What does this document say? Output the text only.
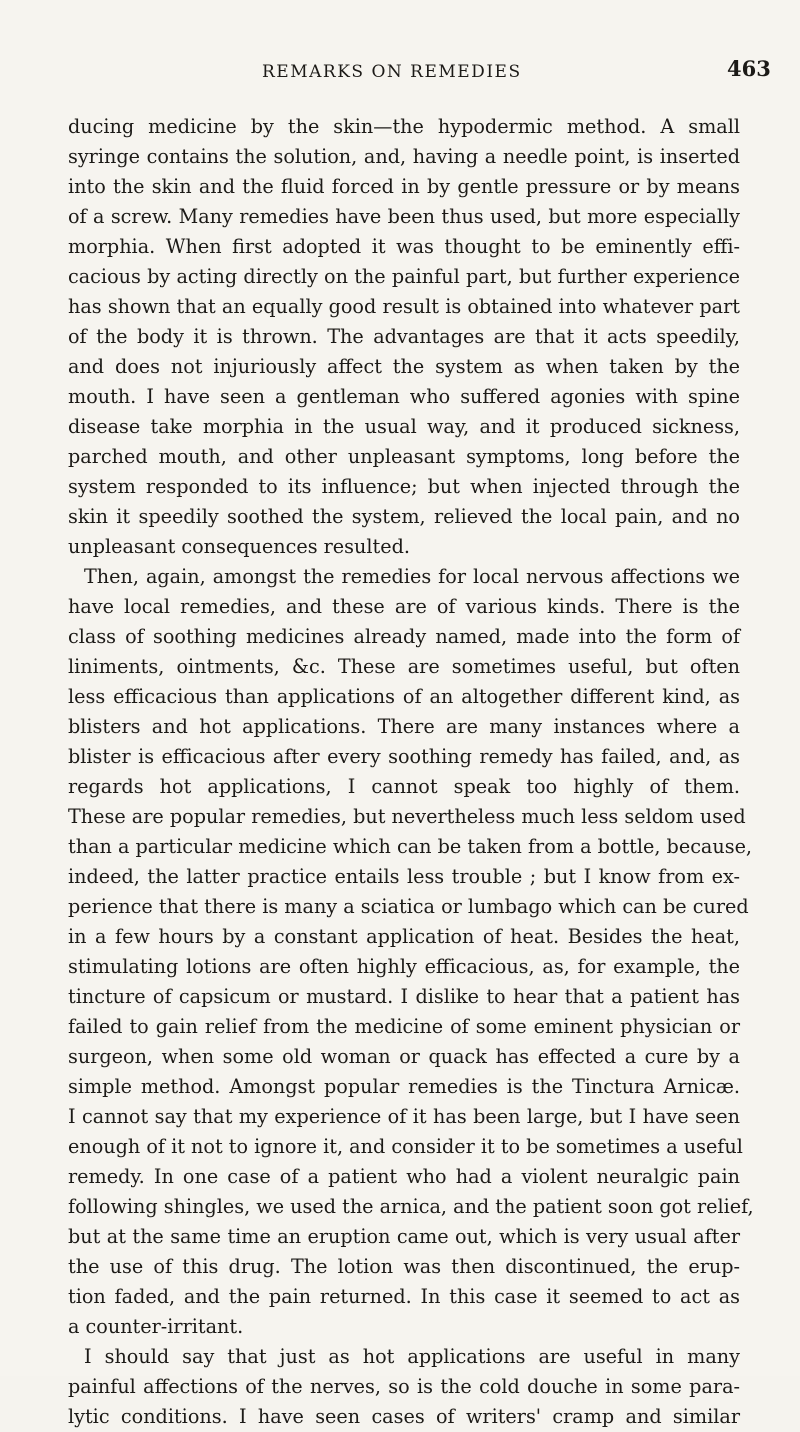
REMARKS ON REMEDIES	463
ducing medicine by the skin—the hypodermic method. A small
syringe contains the solution, and, having a needle point, is inserted
into the skin and the fluid forced in by gentle pressure or by means
of a screw. Many remedies have been thus used, but more especially
morphia. When first adopted it was thought to be eminently effi-
cacious by acting directly on the painful part, but further experience
has shown that an equally good result is obtained into whatever part
of the body it is thrown. The advantages are that it acts speedily,
and does not injuriously affect the system as when taken by the
mouth. I have seen a gentleman who suffered agonies with spine
disease take morphia in the usual way, and it produced sickness,
parched mouth, and other unpleasant symptoms, long before the
system responded to its influence; but when injected through the
skin it speedily soothed the system, relieved the local pain, and no
unpleasant consequences resulted.
Then, again, amongst the remedies for local nervous affections we
have local remedies, and these are of various kinds. There is the
class of soothing medicines already named, made into the form of
liniments, ointments, &c. These are sometimes useful, but often
less efficacious than applications of an altogether different kind, as
blisters and hot applications. There are many instances where a
blister is efficacious after every soothing remedy has failed, and, as
regards hot applications, I cannot speak too highly of them.
These are popular remedies, but nevertheless much less seldom used
than a particular medicine which can be taken from a bottle, because,
indeed, the latter practice entails less trouble ; but I know from ex-
perience that there is many a sciatica or lumbago which can be cured
in a few hours by a constant application of heat. Besides the heat,
stimulating lotions are often highly efficacious, as, for example, the
tincture of capsicum or mustard. I dislike to hear that a patient has
failed to gain relief from the medicine of some eminent physician or
surgeon, when some old woman or quack has effected a cure by a
simple method. Amongst popular remedies is the Tinctura Arnicæ.
I cannot say that my experience of it has been large, but I have seen
enough of it not to ignore it, and consider it to be sometimes a useful
remedy. In one case of a patient who had a violent neuralgic pain
following shingles, we used the arnica, and the patient soon got relief,
but at the same time an eruption came out, which is very usual after
the use of this drug. The lotion was then discontinued, the erup-
tion faded, and the pain returned. In this case it seemed to act as
a counter-irritant.
I should say that just as hot applications are useful in many
painful affections of the nerves, so is the cold douche in some para-
lytic conditions. I have seen cases of writers' cramp and similar
